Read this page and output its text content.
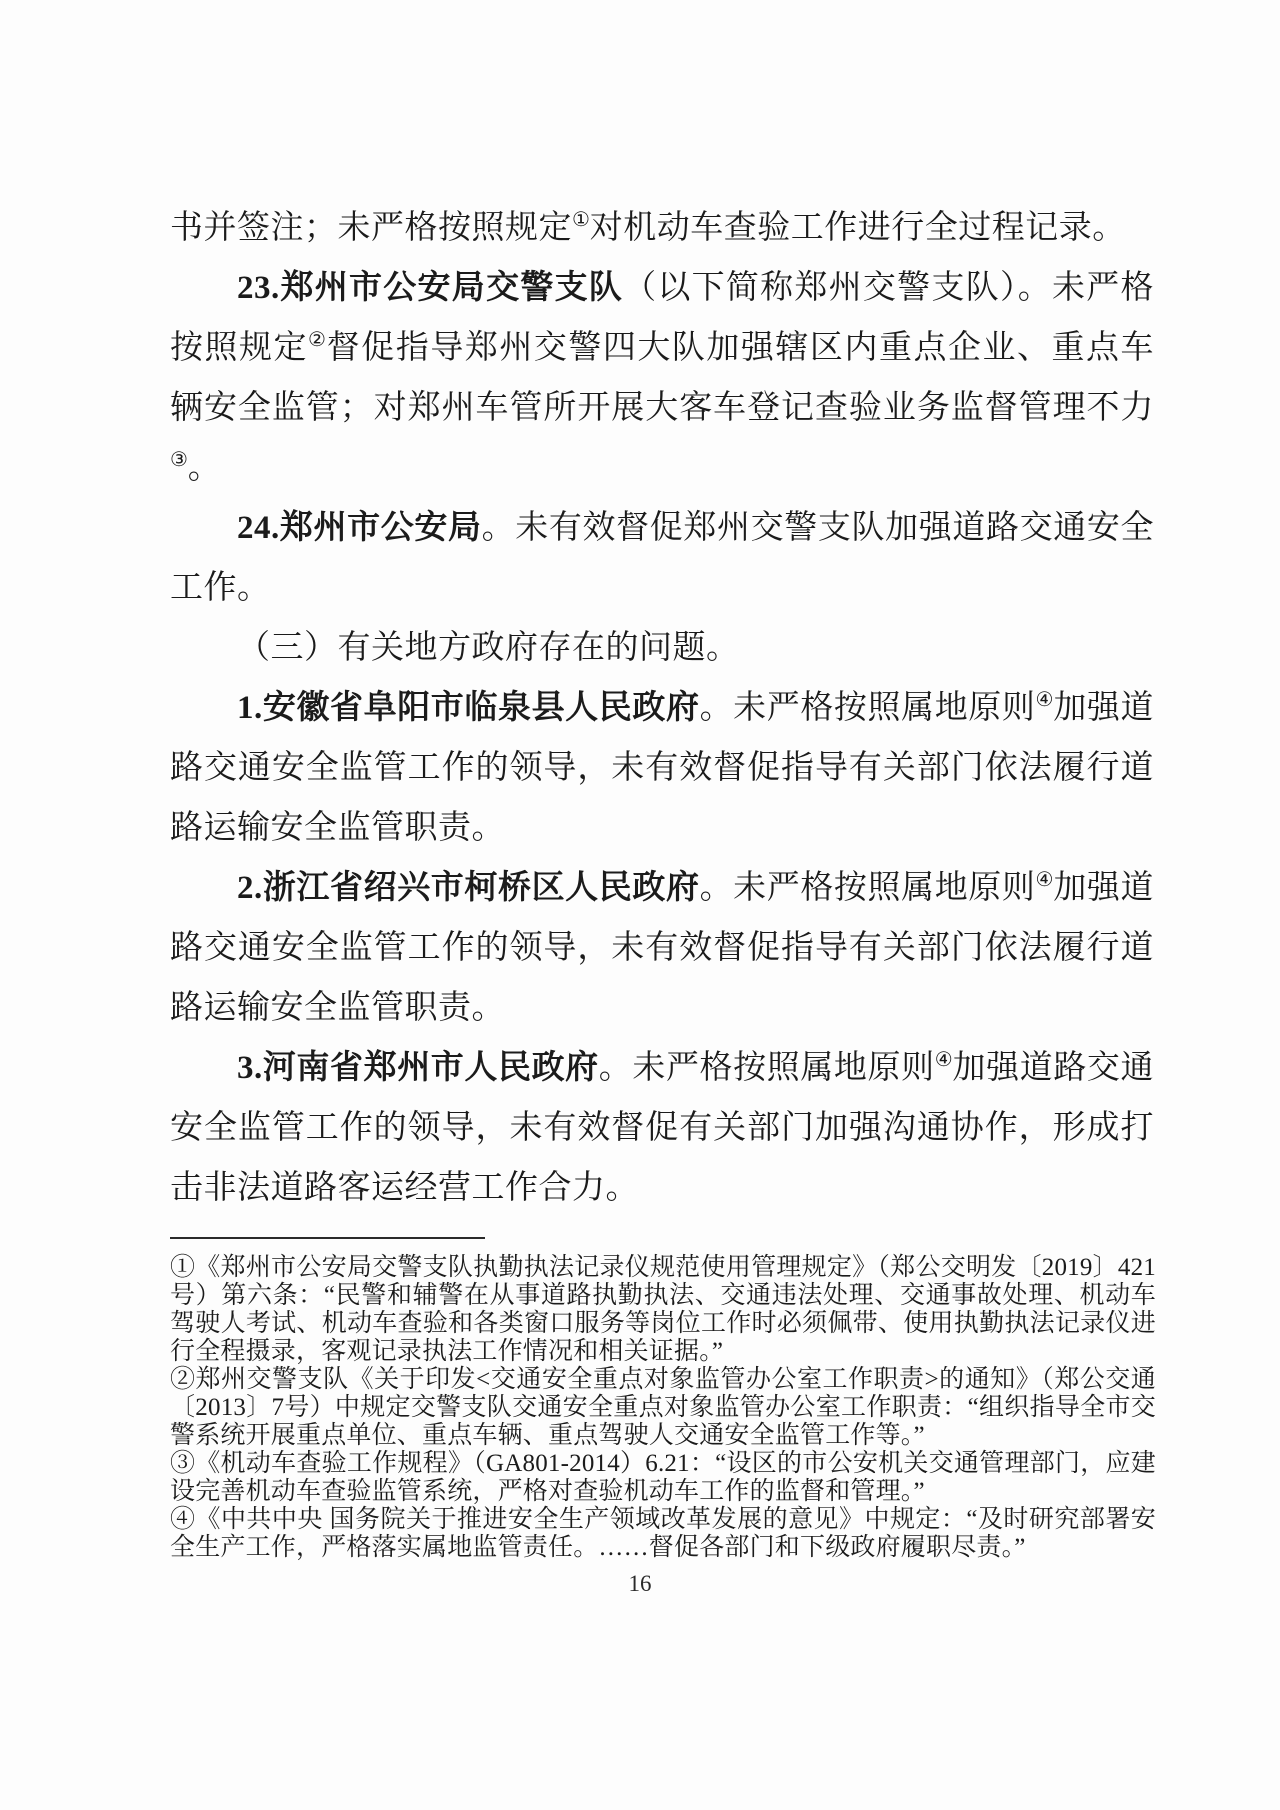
书并签注；未严格按照规定①对机动车查验工作进行全过程记录。

23.郑州市公安局交警支队（以下简称郑州交警支队）。未严格按照规定②督促指导郑州交警四大队加强辖区内重点企业、重点车辆安全监管；对郑州车管所开展大客车登记查验业务监督管理不力③。

24.郑州市公安局。未有效督促郑州交警支队加强道路交通安全工作。

（三）有关地方政府存在的问题。

1.安徽省阜阳市临泉县人民政府。未严格按照属地原则④加强道路交通安全监管工作的领导，未有效督促指导有关部门依法履行道路运输安全监管职责。

2.浙江省绍兴市柯桥区人民政府。未严格按照属地原则④加强道路交通安全监管工作的领导，未有效督促指导有关部门依法履行道路运输安全监管职责。

3.河南省郑州市人民政府。未严格按照属地原则④加强道路交通安全监管工作的领导，未有效督促有关部门加强沟通协作，形成打击非法道路客运经营工作合力。

①《郑州市公安局交警支队执勤执法记录仪规范使用管理规定》（郑公交明发〔2019〕421号）第六条：“民警和辅警在从事道路执勤执法、交通违法处理、交通事故处理、机动车驾驶人考试、机动车查验和各类窗口服务等岗位工作时必须佩带、使用执勤执法记录仪进行全程摄录，客观记录执法工作情况和相关证据。”

②郑州交警支队《关于印发<交通安全重点对象监管办公室工作职责>的通知》（郑公交通〔2013〕7号）中规定交警支队交通安全重点对象监管办公室工作职责：“组织指导全市交警系统开展重点单位、重点车辆、重点驾驶人交通安全监管工作等。”

③《机动车查验工作规程》（GA801-2014）6.21：“设区的市公安机关交通管理部门，应建设完善机动车查验监管系统，严格对查验机动车工作的监督和管理。”

④《中共中央 国务院关于推进安全生产领域改革发展的意见》中规定：“及时研究部署安全生产工作，严格落实属地监管责任。……督促各部门和下级政府履职尽责。”

16
